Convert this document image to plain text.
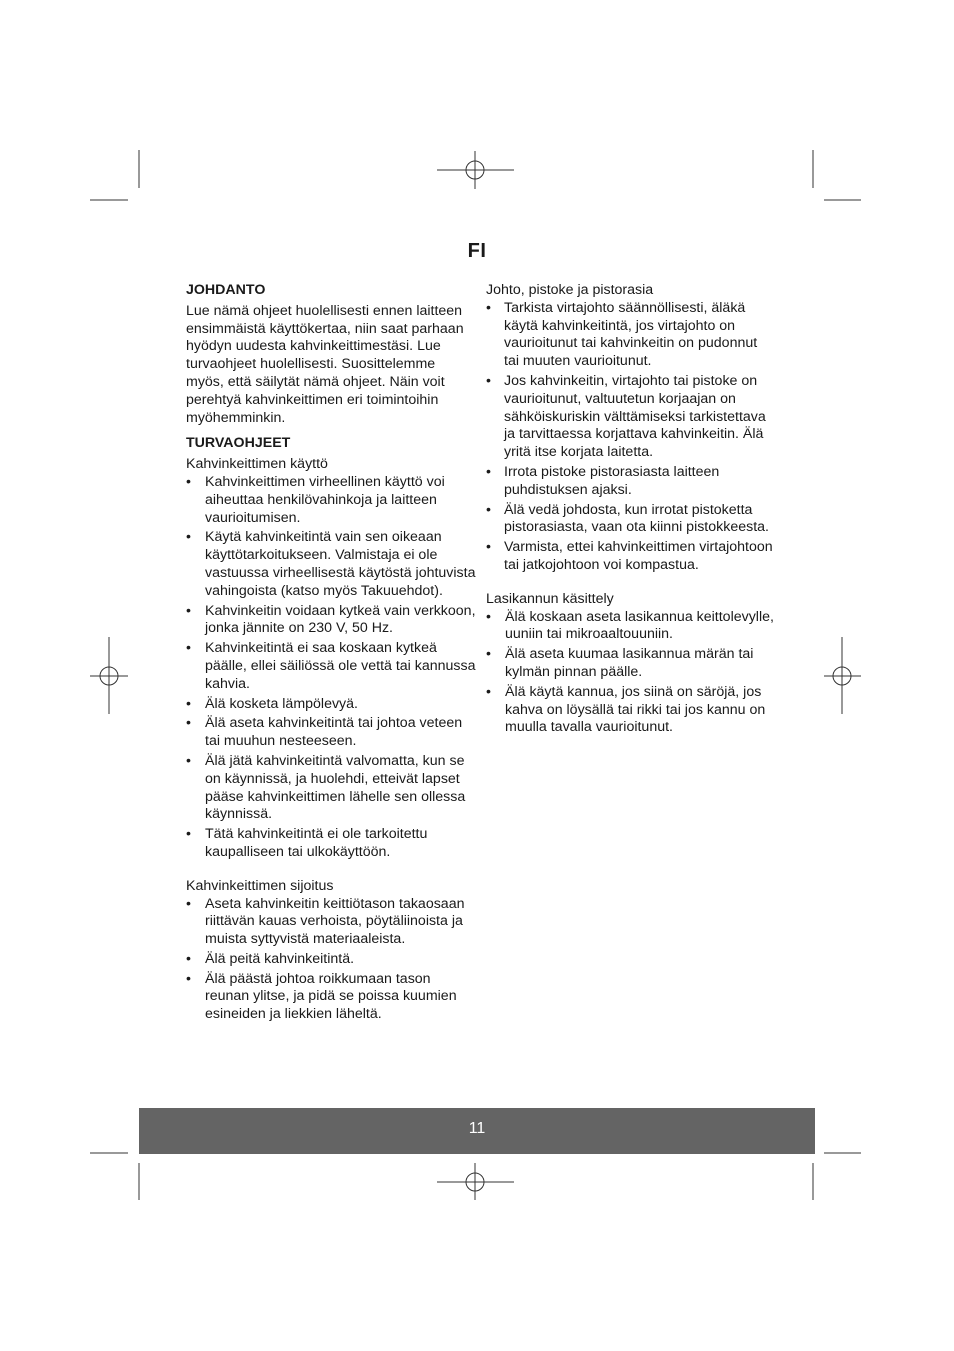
FI
JOHDANTO

Lue nämä ohjeet huolellisesti ennen laitteen ensimmäistä käyttökertaa, niin saat parhaan hyödyn uudesta kahvinkeittimestäsi. Lue turvaohjeet huolellisesti. Suosittelemme myös, että säilytät nämä ohjeet. Näin voit perehtyä kahvinkeittimen eri toimintoihin myöhemminkin.

TURVAOHJEET
Kahvinkeittimen käyttö
• Kahvinkeittimen virheellinen käyttö voi aiheuttaa henkilövahinkoja ja laitteen vaurioitumisen.
• Käytä kahvinkeitintä vain sen oikeaan käyttötarkoitukseen. Valmistaja ei ole vastuussa virheellisestä käytöstä johtuvista vahingoista (katso myös Takuuehdot).
• Kahvinkeitin voidaan kytkeä vain verkkoon, jonka jännite on 230 V, 50 Hz.
• Kahvinkeitintä ei saa koskaan kytkeä päälle, ellei säiliössä ole vettä tai kannussa kahvia.
• Älä kosketa lämpölevyä.
• Älä aseta kahvinkeitintä tai johtoa veteen tai muuhun nesteeseen.
• Älä jätä kahvinkeitintä valvomatta, kun se on käynnissä, ja huolehdi, etteivät lapset pääse kahvinkeittimen lähelle sen ollessa käynnissä.
• Tätä kahvinkeitintä ei ole tarkoitettu kaupalliseen tai ulkokäyttöön.
Kahvinkeittimen sijoitus
• Aseta kahvinkeitin keittiötason takaosaan riittävän kauas verhoista, pöytäliinoista ja muista syttyvistä materiaaleista.
• Älä peitä kahvinkeitintä.
• Älä päästä johtoa roikkumaan tason reunan ylitse, ja pidä se poissa kuumien esineiden ja liekkien läheltä.
Johto, pistoke ja pistorasia
• Tarkista virtajohto säännöllisesti, äläkä käytä kahvinkeitintä, jos virtajohto on vaurioitunut tai kahvinkeitin on pudonnut tai muuten vaurioitunut.
• Jos kahvinkeitin, virtajohto tai pistoke on vaurioitunut, valtuutetun korjaajan on sähköiskuriskin välttämiseksi tarkistettava ja tarvittaessa korjattava kahvinkeitin. Älä yritä itse korjata laitetta.
• Irrota pistoke pistorasiasta laitteen puhdistuksen ajaksi.
• Älä vedä johdosta, kun irrotat pistoketta pistorasiasta, vaan ota kiinni pistokkeesta.
• Varmista, ettei kahvinkeittimen virtajohtoon tai jatkojohtoon voi kompastua.
Lasikannun käsittely
• Älä koskaan aseta lasikannua keittolevylle, uuniin tai mikroaaltouuniin.
• Älä aseta kuumaa lasikannua märän tai kylmän pinnan päälle.
• Älä käytä kannua, jos siinä on säröjä, jos kahva on löysällä tai rikki tai jos kannu on muulla tavalla vaurioitunut.
11
